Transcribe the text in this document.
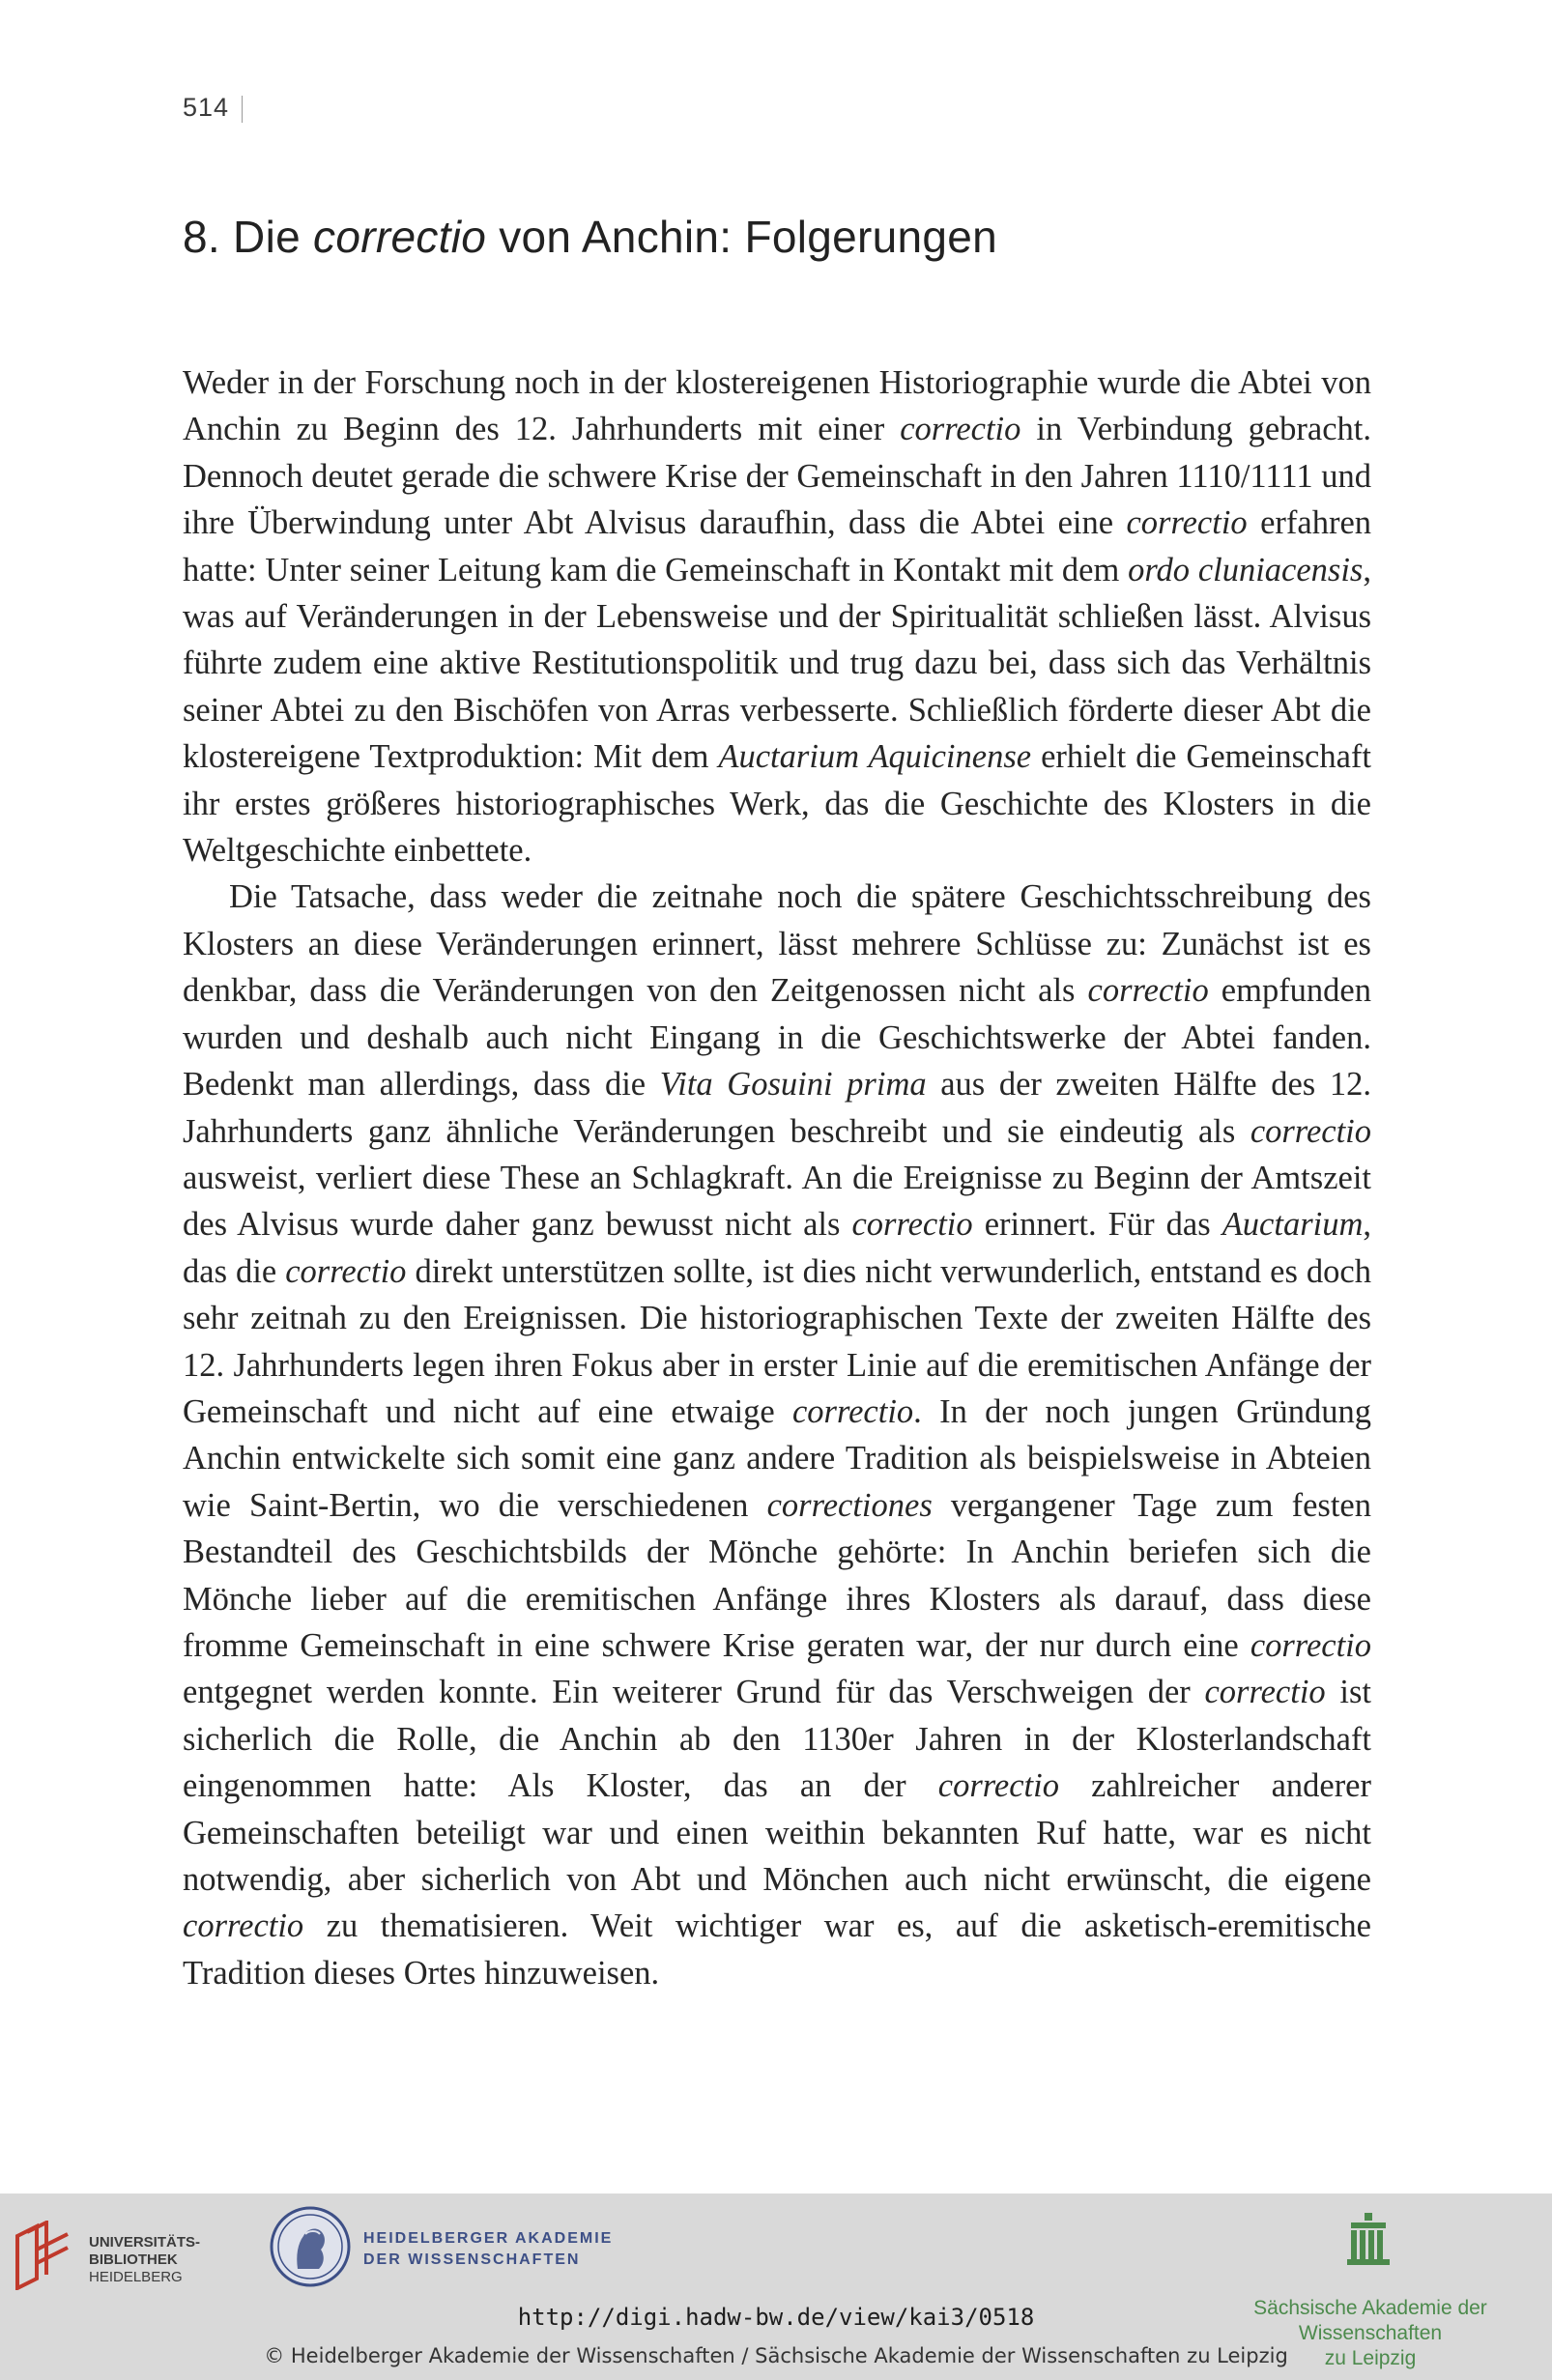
514
8. Die correctio von Anchin: Folgerungen

Weder in der Forschung noch in der klostereigenen Historiographie wurde die Abtei von Anchin zu Beginn des 12. Jahrhunderts mit einer correctio in Verbindung gebracht. Dennoch deutet gerade die schwere Krise der Gemeinschaft in den Jahren 1110/1111 und ihre Überwindung unter Abt Alvisus daraufhin, dass die Abtei eine correctio erfahren hatte: Unter seiner Leitung kam die Gemeinschaft in Kontakt mit dem ordo cluniacensis, was auf Veränderungen in der Lebensweise und der Spiritualität schließen lässt. Alvisus führte zudem eine aktive Restitutionspolitik und trug dazu bei, dass sich das Verhältnis seiner Abtei zu den Bischöfen von Arras verbesserte. Schließlich förderte dieser Abt die klostereigene Textproduktion: Mit dem Auctarium Aquicinense erhielt die Gemeinschaft ihr erstes größeres historiographisches Werk, das die Geschichte des Klosters in die Weltgeschichte einbettete.

Die Tatsache, dass weder die zeitnahe noch die spätere Geschichtsschreibung des Klosters an diese Veränderungen erinnert, lässt mehrere Schlüsse zu: Zunächst ist es denkbar, dass die Veränderungen von den Zeitgenossen nicht als correctio empfunden wurden und deshalb auch nicht Eingang in die Geschichtswerke der Abtei fanden. Bedenkt man allerdings, dass die Vita Gosuini prima aus der zweiten Hälfte des 12. Jahrhunderts ganz ähnliche Veränderungen beschreibt und sie eindeutig als correctio ausweist, verliert diese These an Schlagkraft. An die Ereignisse zu Beginn der Amtszeit des Alvisus wurde daher ganz bewusst nicht als correctio erinnert. Für das Auctarium, das die correctio direkt unterstützen sollte, ist dies nicht verwunderlich, entstand es doch sehr zeitnah zu den Ereignissen. Die historiographischen Texte der zweiten Hälfte des 12. Jahrhunderts legen ihren Fokus aber in erster Linie auf die eremitischen Anfänge der Gemeinschaft und nicht auf eine etwaige correctio. In der noch jungen Gründung Anchin entwickelte sich somit eine ganz andere Tradition als beispielsweise in Abteien wie Saint-Bertin, wo die verschiedenen correctiones vergangener Tage zum festen Bestandteil des Geschichtsbilds der Mönche gehörte: In Anchin beriefen sich die Mönche lieber auf die eremitischen Anfänge ihres Klosters als darauf, dass diese fromme Gemeinschaft in eine schwere Krise geraten war, der nur durch eine correctio entgegnet werden konnte. Ein weiterer Grund für das Verschweigen der correctio ist sicherlich die Rolle, die Anchin ab den 1130er Jahren in der Klosterlandschaft eingenommen hatte: Als Kloster, das an der correctio zahlreicher anderer Gemeinschaften beteiligt war und einen weithin bekannten Ruf hatte, war es nicht notwendig, aber sicherlich von Abt und Mönchen auch nicht erwünscht, die eigene correctio zu thematisieren. Weit wichtiger war es, auf die asketisch-eremitische Tradition dieses Ortes hinzuweisen.

UNIVERSITÄTS-
BIBLIOTHEK
HEIDELBERG
HEIDELBERGER AKADEMIE
DER WISSENSCHAFTEN
Sächsische Akademie der Wissenschaften
zu Leipzig
http://digi.hadw-bw.de/view/kai3/0518
© Heidelberger Akademie der Wissenschaften / Sächsische Akademie der Wissenschaften zu Leipzig
